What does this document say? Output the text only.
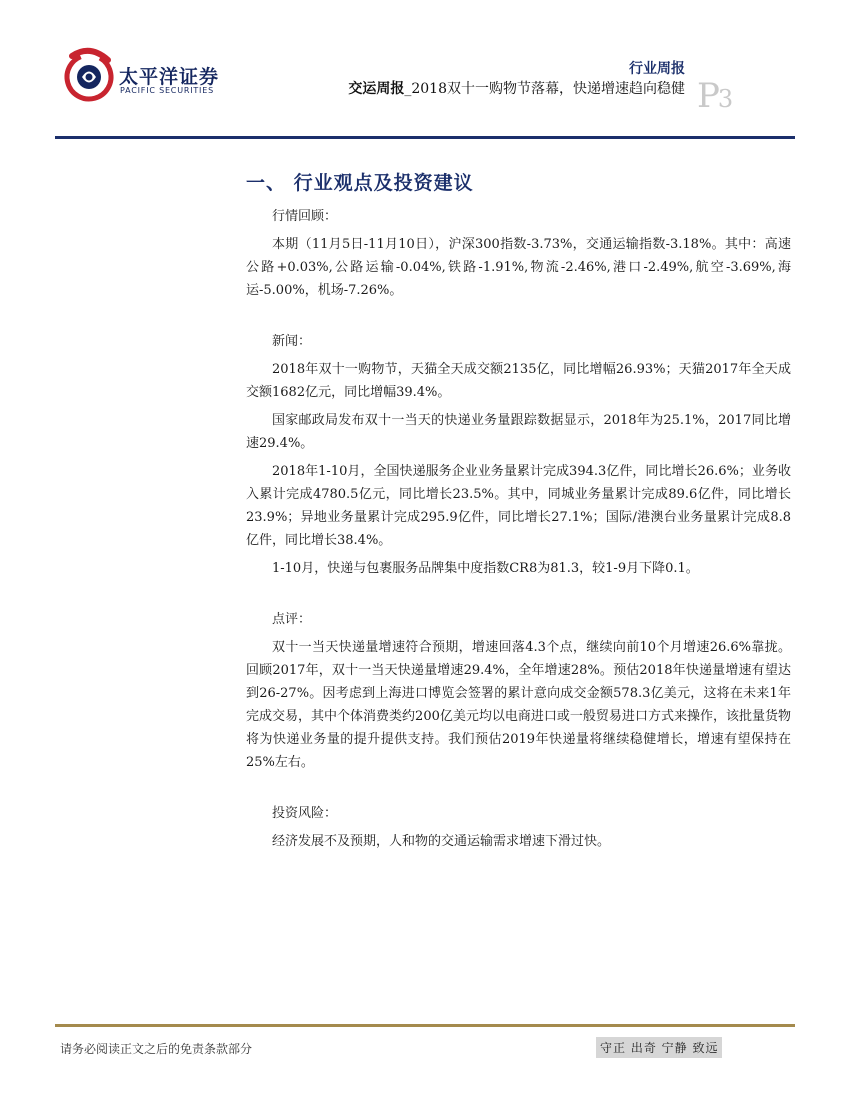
太平洋证券
PACIFIC SECURITIES
行业周报
交运周报_2018双十一购物节落幕，快递增速趋向稳健 P3
一、 行业观点及投资建议

行情回顾：

本期（11月5日-11月10日），沪深300指数-3.73%，交通运输指数-3.18%。其中：高速公路+0.03%,公路运输-0.04%,铁路-1.91%,物流-2.46%,港口-2.49%,航空-3.69%,海运-5.00%，机场-7.26%。

新闻：

2018年双十一购物节，天猫全天成交额2135亿，同比增幅26.93%；天猫2017年全天成交额1682亿元，同比增幅39.4%。

国家邮政局发布双十一当天的快递业务量跟踪数据显示，2018年为25.1%，2017同比增速29.4%。

2018年1-10月，全国快递服务企业业务量累计完成394.3亿件，同比增长26.6%；业务收入累计完成4780.5亿元，同比增长23.5%。其中，同城业务量累计完成89.6亿件，同比增长23.9%；异地业务量累计完成295.9亿件，同比增长27.1%；国际/港澳台业务量累计完成8.8亿件，同比增长38.4%。

1-10月，快递与包裹服务品牌集中度指数CR8为81.3，较1-9月下降0.1。

点评：

双十一当天快递量增速符合预期，增速回落4.3个点，继续向前10个月增速26.6%靠拢。回顾2017年，双十一当天快递量增速29.4%，全年增速28%。预估2018年快递量增速有望达到26-27%。因考虑到上海进口博览会签署的累计意向成交金额578.3亿美元，这将在未来1年完成交易，其中个体消费类约200亿美元均以电商进口或一般贸易进口方式来操作，该批量货物将为快递业务量的提升提供支持。我们预估2019年快递量将继续稳健增长，增速有望保持在25%左右。

投资风险：

经济发展不及预期，人和物的交通运输需求增速下滑过快。

请务必阅读正文之后的免责条款部分	守正 出奇 宁静 致远
